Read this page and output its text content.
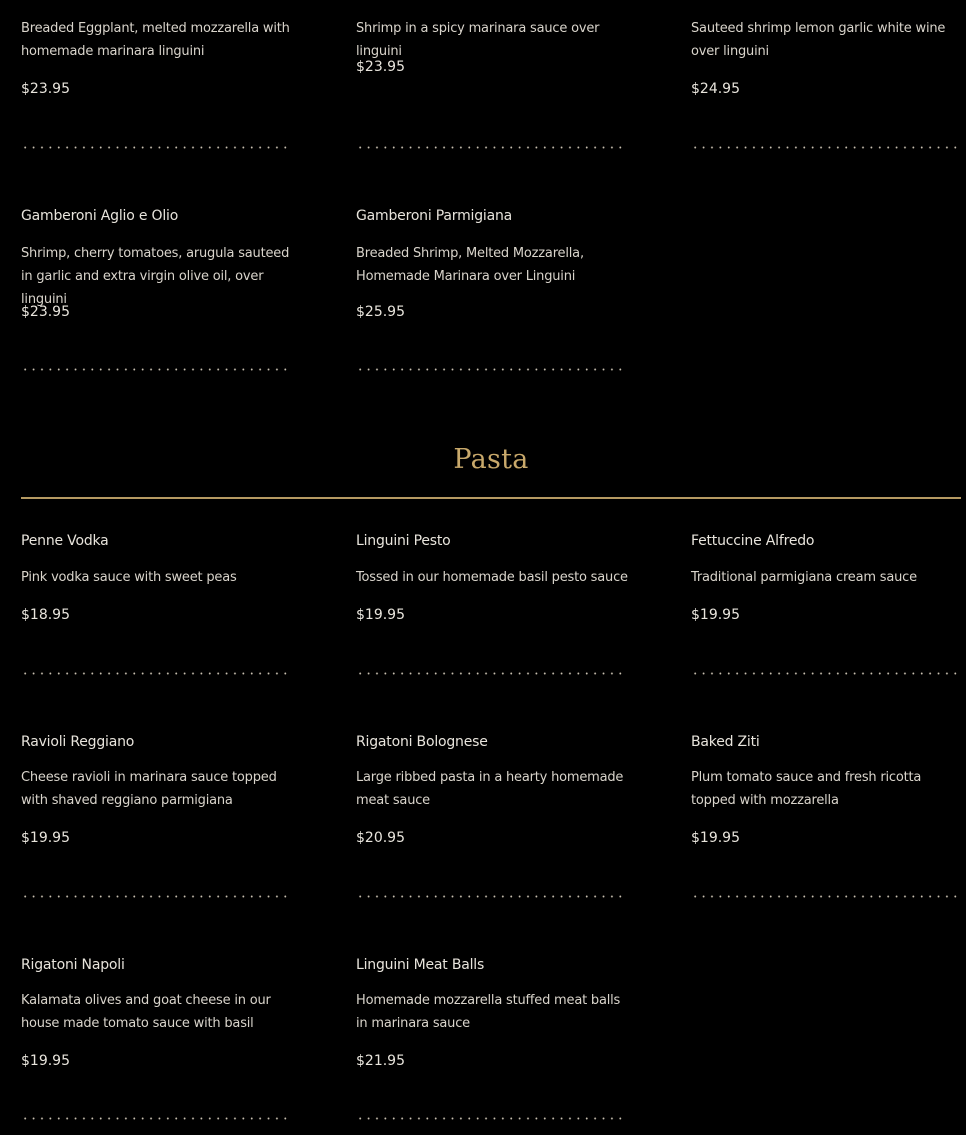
Breaded Eggplant, melted mozzarella with homemade marinara linguini
$23.95
Shrimp in a spicy marinara sauce over linguini
$23.95
Sauteed shrimp lemon garlic white wine over linguini
$24.95
Gamberoni Aglio e Olio
Shrimp, cherry tomatoes, arugula sauteed in garlic and extra virgin olive oil, over linguini
$23.95
Gamberoni Parmigiana
Breaded Shrimp, Melted Mozzarella, Homemade Marinara over Linguini
$25.95
Pasta
Penne Vodka
Pink vodka sauce with sweet peas
$18.95
Linguini Pesto
Tossed in our homemade basil pesto sauce
$19.95
Fettuccine Alfredo
Traditional parmigiana cream sauce
$19.95
Ravioli Reggiano
Cheese ravioli in marinara sauce topped with shaved reggiano parmigiana
$19.95
Rigatoni Bolognese
Large ribbed pasta in a hearty homemade meat sauce
$20.95
Baked Ziti
Plum tomato sauce and fresh ricotta topped with mozzarella
$19.95
Rigatoni Napoli
Kalamata olives and goat cheese in our house made tomato sauce with basil
$19.95
Linguini Meat Balls
Homemade mozzarella stuffed meat balls in marinara sauce
$21.95
